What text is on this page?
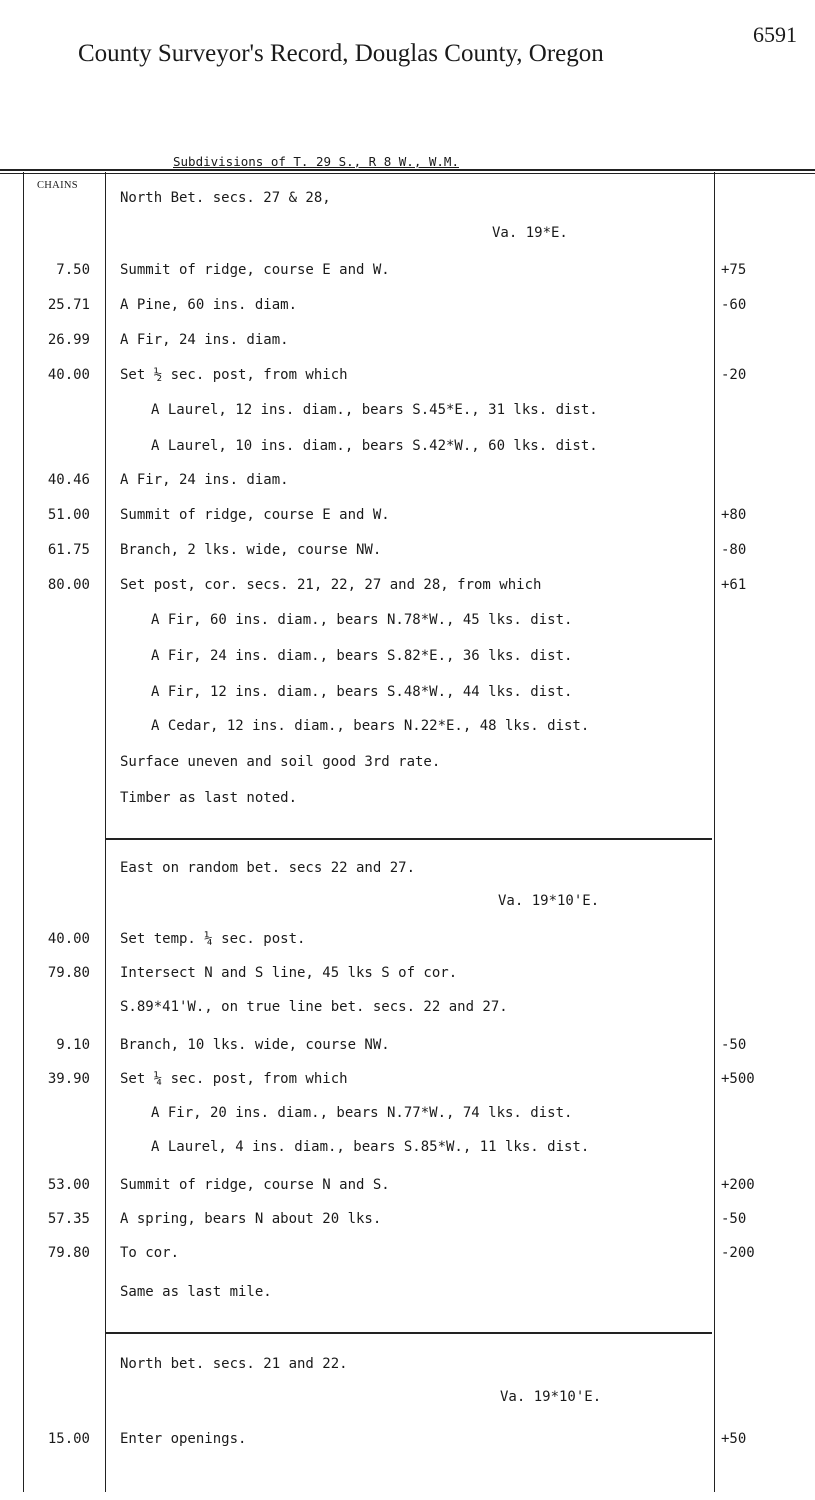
6591
County Surveyor's Record, Douglas County, Oregon
Subdivisions of T. 29 S., R 8 W., W.M.
CHAINS
North Bet. secs. 27 & 28,
Va. 19*E.
7.50 Summit of ridge, course E and W.	+75
25.71 A Pine, 60 ins. diam.	-60
26.99 A Fir, 24 ins. diam.
40.00 Set ½ sec. post, from which	-20
A Laurel, 12 ins. diam., bears S.45*E., 31 lks. dist.
A Laurel, 10 ins. diam., bears S.42*W., 60 lks. dist.
40.46 A Fir, 24 ins. diam.
51.00 Summit of ridge, course E and W.	+80
61.75 Branch, 2 lks. wide, course NW.	-80
80.00 Set post, cor. secs. 21, 22, 27 and 28, from which	+61
A Fir, 60 ins. diam., bears N.78*W., 45 lks. dist.
A Fir, 24 ins. diam., bears S.82*E., 36 lks. dist.
A Fir, 12 ins. diam., bears S.48*W., 44 lks. dist.
A Cedar, 12 ins. diam., bears N.22*E., 48 lks. dist.
Surface uneven and soil good 3rd rate.
Timber as last noted.
East on random bet. secs 22 and 27.
Va. 19*10'E.
40.00 Set temp. ¼ sec. post.
79.80 Intersect N and S line, 45 lks S of cor.
S.89*41'W., on true line bet. secs. 22 and 27.
9.10 Branch, 10 lks. wide, course NW.	-50
39.90 Set ¼ sec. post, from which	+500
A Fir, 20 ins. diam., bears N.77*W., 74 lks. dist.
A Laurel, 4 ins. diam., bears S.85*W., 11 lks. dist.
53.00 Summit of ridge, course N and S.	+200
57.35 A spring, bears N about 20 lks.	-50
79.80 To cor.	-200
Same as last mile.
North bet. secs. 21 and 22.
Va. 19*10'E.
15.00 Enter openings.	+50
